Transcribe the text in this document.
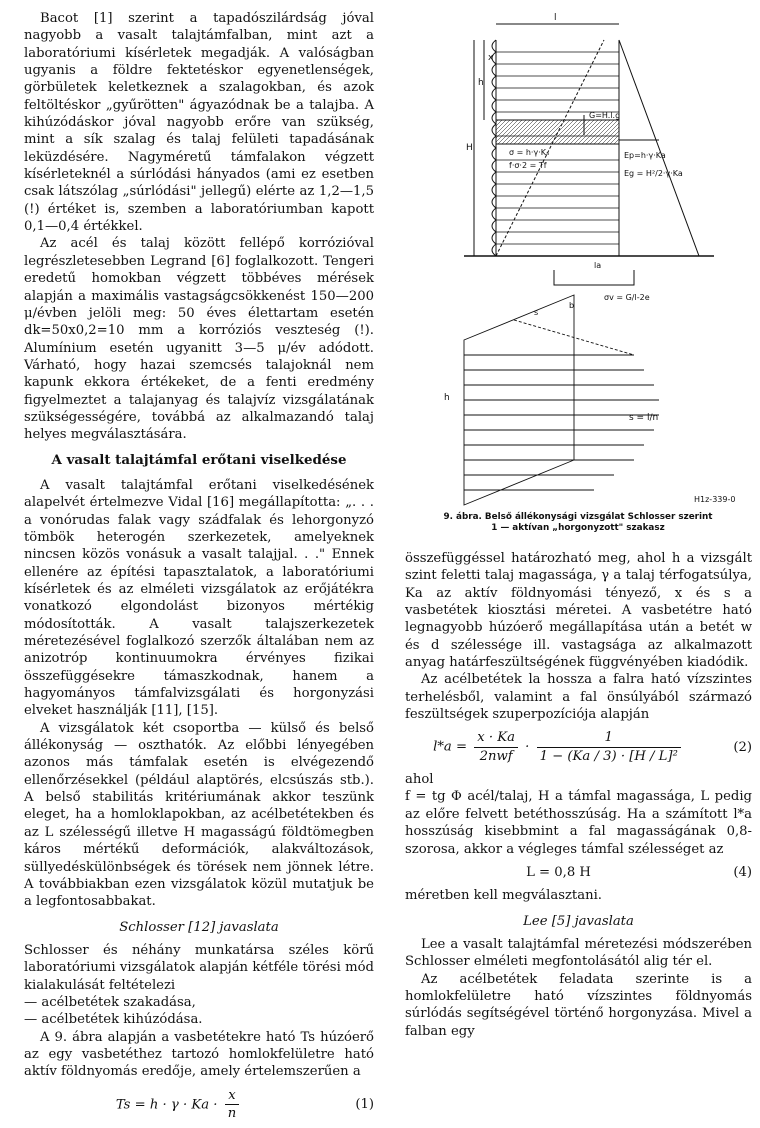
Bacot [1] szerint a tapadószilárdság jóval nagyobb a vasalt talajtámfalban, mint azt a laboratóriumi kísérletek megadják. A valóságban ugyanis a földre fektetéskor egyenetlenségek, görbületek keletkeznek a szalagokban, és azok feltöltéskor „gyűrötten" ágyazódnak be a talajba. A kihúzódáskor jóval nagyobb erőre van szükség, mint a sík szalag és talaj felületi tapadásának leküzdésére. Nagyméretű támfalakon végzett kísérleteknél a súrlódási hányados (ami ez esetben csak látszólag „súrlódási" jellegű) elérte az 1,2—1,5 (!) értéket is, szemben a laboratóriumban kapott 0,1—0,4 értékkel.

Az acél és talaj között fellépő korrózióval legrészletesebben Legrand [6] foglalkozott. Tengeri eredetű homokban végzett többéves mérések alapján a maximális vastagságcsökkenést 150—200 μ/évben jelöli meg: 50 éves élettartam esetén dk=50x0,2=10 mm a korróziós veszteség (!). Alumínium esetén ugyanitt 3—5 μ/év adódott. Várható, hogy hazai szemcsés talajoknál nem kapunk ekkora értékeket, de a fenti eredmény figyelmeztet a talajanyag és talajvíz vizsgálatának szükségességére, továbbá az alkalmazandó talaj helyes megválasztására.

A vasalt talajtámfal erőtani viselkedése

A vasalt talajtámfal erőtani viselkedésének alapelvét értelmezve Vidal [16] megállapította: „. . . a vonórudas falak vagy szádfalak és lehorgonyzó tömbök heterogén szerkezetek, amelyeknek nincsen közös vonásuk a vasalt talajjal. . ." Ennek ellenére az építési tapasztalatok, a laboratóriumi kísérletek és az elméleti vizsgálatok az erőjátékra vonatkozó elgondolást bizonyos mértékig módosították. A vasalt talajszerkezetek méretezésével foglalkozó szerzők általában nem az anizotróp kontinuumokra érvényes fizikai összefüggésekre támaszkodnak, hanem a hagyományos támfalvizsgálati és horgonyzási elveket használják [11], [15].

A vizsgálatok két csoportba — külső és belső állékonyság — oszthatók. Az előbbi lényegében azonos más támfalak esetén is elvégezendő ellenőrzésekkel (például alaptörés, elcsúszás stb.). A belső stabilitás kritériumának akkor teszünk eleget, ha a homloklapokban, az acélbetétekben és az L szélességű illetve H magasságú földtömegben káros mértékű deformációk, alakváltozások, süllyedéskülönbségek és törések nem jönnek létre. A továbbiakban ezen vizsgálatok közül mutatjuk be a legfontosabbakat.

Schlosser [12] javaslata

Schlosser és néhány munkatársa széles körű laboratóriumi vizsgálatok alapján kétféle törési mód kialakulását feltételezi

— acélbetétek szakadása,

— acélbetétek kihúzódása.

A 9. ábra alapján a vasbetétekre ható Ts húzóerő az egy vasbetéthez tartozó homlokfelületre ható aktív földnyomás eredője, amely értelemszerűen a

$Ts = h \cdot \gamma \cdot Ka \cdot \frac{x}{n}$	(1)
l
x
h
H
G=H.l.g
σ = h·γ·Kₐ
f·σ·2 = Tf
Ep=h·γ·Ka
Eg = H²/2·γ·Ka
la
σv = G/l-2e
s
b
h
s = l/n
H1z-339-0
9. ábra. Belső állékonysági vizsgálat Schlosser szerint
1 — aktívan „horgonyzott" szakasz

összefüggéssel határozható meg, ahol h a vizsgált szint feletti talaj magassága, γ a talaj térfogatsúlya, Ka az aktív földnyomási tényező, x és s a vasbetétek kiosztási méretei. A vasbetétre ható legnagyobb húzóerő megállapítása után a betét w és d szélessége ill. vastagsága az alkalmazott anyag határfeszültségének függvényében kiadódik.

Az acélbetétek la hossza a falra ható vízszintes terhelésből, valamint a fal önsúlyából származó feszültségek szuperpozíciója alapján

$l*a = \frac{x \cdot Ka}{\text{2nwf}} \cdot \frac{1}{\text{1 − (Ka / 3) · [H / L]²}}$	(2)

ahol

f = tg Φ acél/talaj, H a támfal magassága, L pedig az előre felvett betéthosszúság. Ha a számított l*a hosszúság kisebbmint a fal magasságának 0,8-szorosa, akkor a végleges támfal szélességet az

L = 0,8 H	(4)

méretben kell megválasztani.

Lee [5] javaslata

Lee a vasalt talajtámfal méretezési módszerében Schlosser elméleti megfontolásától alig tér el.

Az acélbetétek feladata szerinte is a homlokfelületre ható vízszintes földnyomás súrlódás segítségével történő horgonyzása. Mivel a falban egy
